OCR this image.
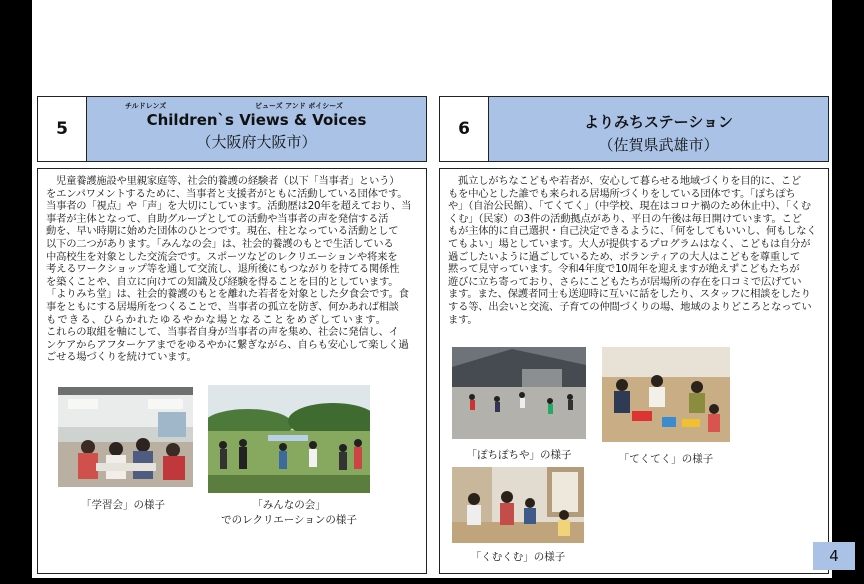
5
チルドレンズ	ビューズ アンド ボイシーズ
Children`s Views & Voices
（大阪府大阪市）
6	よりみちステーション
（佐賀県武雄市）
児童養護施設や里親家庭等、社会的養護の経験者（以下「当事者」という）
をエンパワメントするために、当事者と支援者がともに活動している団体です。
当事者の「視点」や「声」を大切にしています。活動歴は20年を超えており、当
事者が主体となって、自助グループとしての活動や当事者の声を発信する活
動を、早い時期に始めた団体のひとつです。現在、柱となっている活動として
以下の二つがあります。「みんなの会」は、社会的養護のもとで生活している
中高校生を対象とした交流会です。スポーツなどのレクリエーションや将来を
考えるワークショップ等を通して交流し、退所後にもつながりを持てる関係性
を築くことや、自立に向けての知識及び経験を得ることを目的としています。
「よりみち堂」は、社会的養護のもとを離れた若者を対象とした夕食会です。食
事をともにする居場所をつくることで、当事者の孤立を防ぎ、何かあれば相談
もできる、ひらかれたゆるやかな場となることをめざしています。
これらの取組を軸にして、当事者自身が当事者の声を集め、社会に発信し、イ
ンケアからアフターケアまでをゆるやかに繋ぎながら、自らも安心して楽しく過
ごせる場づくりを続けています。
「学習会」の様子	「みんなの会」
でのレクリエーションの様子
孤立しがちなこどもや若者が、安心して暮らせる地域づくりを目的に、こど
もを中心とした誰でも来られる居場所づくりをしている団体です。「ぽちぽち
や」（自治公民館）、「てくてく」（中学校、現在はコロナ禍のため休止中）、「くむ
くむ」（民家）の3件の活動拠点があり、平日の午後は毎日開けています。こど
もが主体的に自己選択・自己決定できるように、「何をしてもいいし、何もしなく
てもよい」場としています。大人が提供するプログラムはなく、こどもは自分が
過ごしたいように過ごしているため、ボランティアの大人はこどもを尊重して
黙って見守っています。令和4年度で10周年を迎えますが絶えずこどもたちが
遊びに立ち寄っており、さらにこどもたちが居場所の存在を口コミで広げてい
ます。また、保護者同士も送迎時に互いに話をしたり、スタッフに相談をしたり
する等、出会いと交流、子育ての仲間づくりの場、地域のよりどころとなってい
ます。
「ぽちぽちや」の様子	「てくてく」の様子
「くむくむ」の様子	4
